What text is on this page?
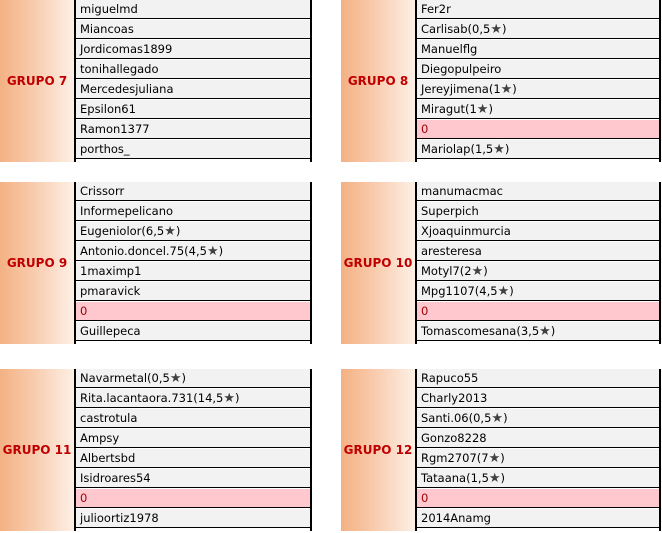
GRUPO 7
miguelmd
Miancoas
Jordicomas1899
tonihallegado
Mercedesjuliana
Epsilon61
Ramon1377
porthos_
GRUPO 8
Fer2r
Carlisab(0,5★)
Manuelflg
Diegopulpeiro
Jereyjimena(1★)
Miragut(1★)
0
Mariolap(1,5★)
GRUPO 9
Crissorr
Informepelicano
Eugeniolor(6,5★)
Antonio.doncel.75(4,5★)
1maximp1
pmaravick
0
Guillepeca
GRUPO 10
manumacmac
Superpich
Xjoaquinmurcia
aresteresa
Motyl7(2★)
Mpg1107(4,5★)
0
Tomascomesana(3,5★)
GRUPO 11
Navarmetal(0,5★)
Rita.lacantaora.731(14,5★)
castrotula
Ampsy
Albertsbd
Isidroares54
0
julioortiz1978
GRUPO 12
Rapuco55
Charly2013
Santi.06(0,5★)
Gonzo8228
Rgm2707(7★)
Tataana(1,5★)
0
2014Anamg
